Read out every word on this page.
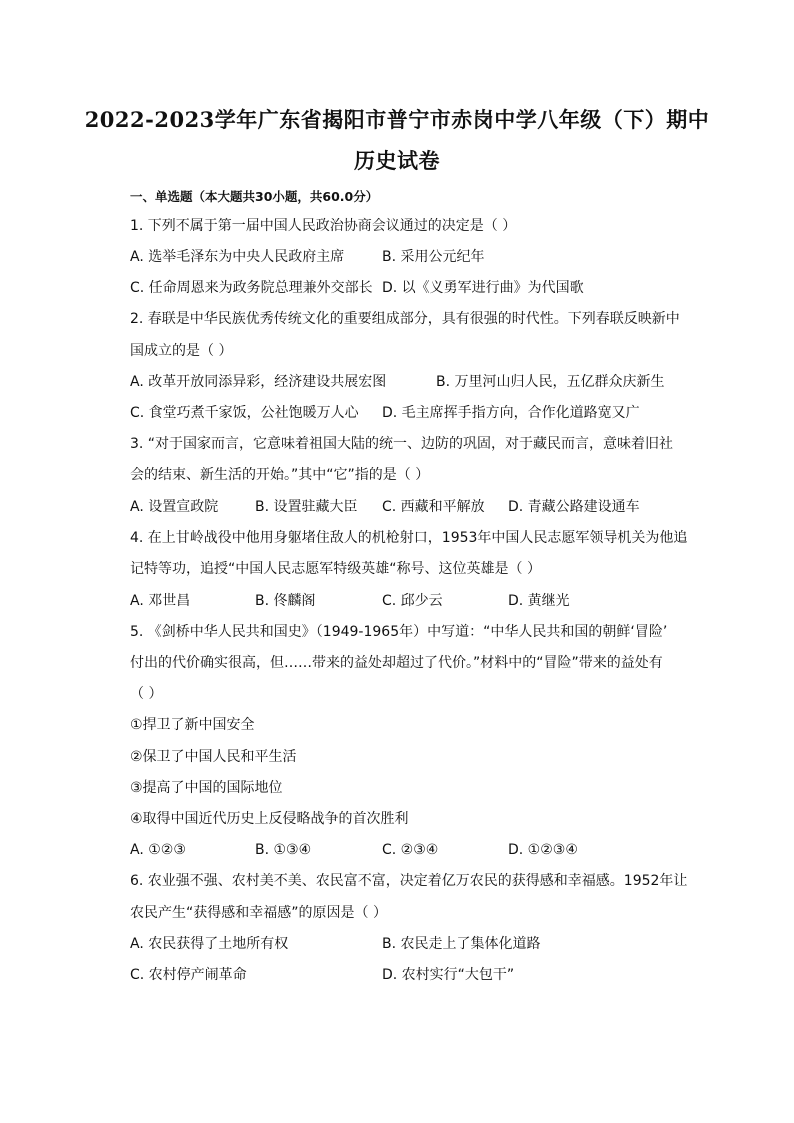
2022-2023学年广东省揭阳市普宁市赤岗中学八年级（下）期中
历史试卷
一、单选题（本大题共30小题，共60.0分）
1. 下列不属于第一届中国人民政治协商会议通过的决定是（ ）
A. 选举毛泽东为中央人民政府主席	B. 采用公元纪年
C. 任命周恩来为政务院总理兼外交部长 D. 以《义勇军进行曲》为代国歌
2. 春联是中华民族优秀传统文化的重要组成部分，具有很强的时代性。下列春联反映新中
国成立的是（ ）
A. 改革开放同添异彩，经济建设共展宏图	B. 万里河山归人民，五亿群众庆新生
C. 食堂巧煮千家饭，公社饱暖万人心 D. 毛主席挥手指方向，合作化道路宽又广
3. “对于国家而言，它意味着祖国大陆的统一、边防的巩固，对于藏民而言，意味着旧社
会的结束、新生活的开始。”其中“它”指的是（ ）
A. 设置宣政院	B. 设置驻藏大臣 C. 西藏和平解放 D. 青藏公路建设通车
4. 在上甘岭战役中他用身躯堵住敌人的机枪射口，1953年中国人民志愿军领导机关为他追
记特等功，追授“中国人民志愿军特级英雄“称号、这位英雄是（ ）
A. 邓世昌	B. 佟麟阁	C. 邱少云	D. 黄继光
5. 《剑桥中华人民共和国史》（1949-1965年）中写道：“中华人民共和国的朝鲜‘冒险’
付出的代价确实很高，但……带来的益处却超过了代价。”材料中的“冒险”带来的益处有
（ ）
①捍卫了新中国安全
②保卫了中国人民和平生活
③提高了中国的国际地位
④取得中国近代历史上反侵略战争的首次胜利
A. ①②③	B. ①③④	C. ②③④	D. ①②③④
6. 农业强不强、农村美不美、农民富不富，决定着亿万农民的获得感和幸福感。1952年让
农民产生“获得感和幸福感”的原因是（ ）
A. 农民获得了土地所有权	B. 农民走上了集体化道路
C. 农村停产闹革命	D. 农村实行“大包干”
